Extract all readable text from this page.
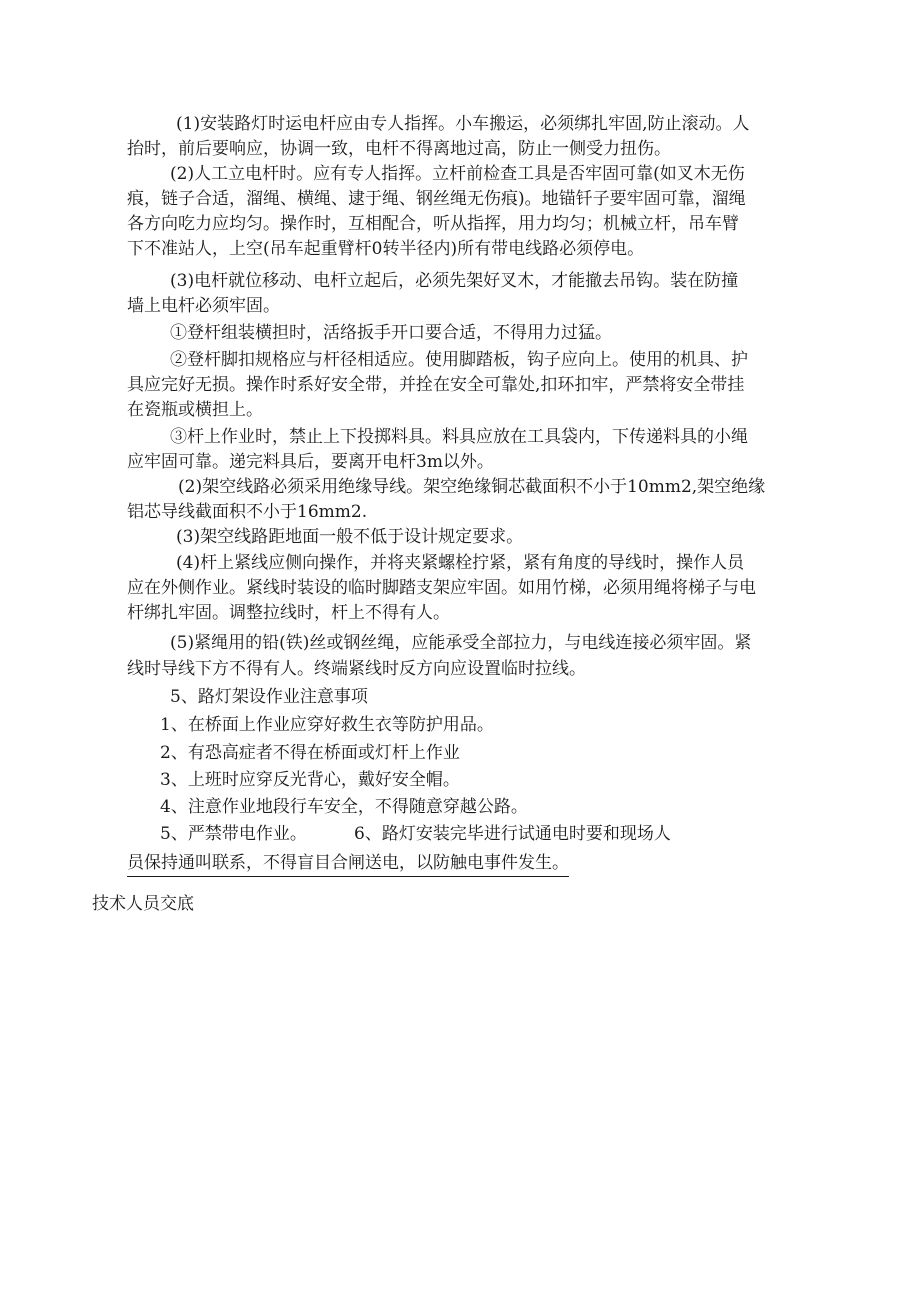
(1)安装路灯时运电杆应由专人指挥。小车搬运，必须绑扎牢固,防止滚动。人
抬时，前后要响应，协调一致，电杆不得离地过高，防止一侧受力扭伤。
(2)人工立电杆时。应有专人指挥。立杆前检查工具是否牢固可靠(如叉木无伤
痕，链子合适，溜绳、横绳、逮于绳、钢丝绳无伤痕)。地锚钎子要牢固可靠，溜绳
各方向吃力应均匀。操作时，互相配合，听从指挥，用力均匀；机械立杆，吊车臂
下不准站人，上空(吊车起重臂杆0转半径内)所有带电线路必须停电。
(3)电杆就位移动、电杆立起后，必须先架好叉木，才能撤去吊钩。装在防撞
墙上电杆必须牢固。
①登杆组装横担时，活络扳手开口要合适，不得用力过猛。
②登杆脚扣规格应与杆径相适应。使用脚踏板，钩子应向上。使用的机具、护
具应完好无损。操作时系好安全带，并拴在安全可靠处,扣环扣牢，严禁将安全带挂
在瓷瓶或横担上。
③杆上作业时，禁止上下投掷料具。料具应放在工具袋内，下传递料具的小绳
应牢固可靠。递完料具后，要离开电杆3m以外。
(2)架空线路必须采用绝缘导线。架空绝缘铜芯截面积不小于10mm2,架空绝缘
铝芯导线截面积不小于16mm2.
(3)架空线路距地面一般不低于设计规定要求。
(4)杆上紧线应侧向操作，并将夹紧螺栓拧紧，紧有角度的导线时，操作人员
应在外侧作业。紧线时装设的临时脚踏支架应牢固。如用竹梯，必须用绳将梯子与电
杆绑扎牢固。调整拉线时，杆上不得有人。
(5)紧绳用的铅(铁)丝或钢丝绳，应能承受全部拉力，与电线连接必须牢固。紧
线时导线下方不得有人。终端紧线时反方向应设置临时拉线。
5、路灯架设作业注意事项
1、在桥面上作业应穿好救生衣等防护用品。
2、有恐高症者不得在桥面或灯杆上作业
3、上班时应穿反光背心，戴好安全帽。
4、注意作业地段行车安全，不得随意穿越公路。
5、严禁带电作业。	6、路灯安装完毕进行试通电时要和现场人
员保持通叫联系，不得盲目合闸送电，以防触电事件发生。
技术人员交底
